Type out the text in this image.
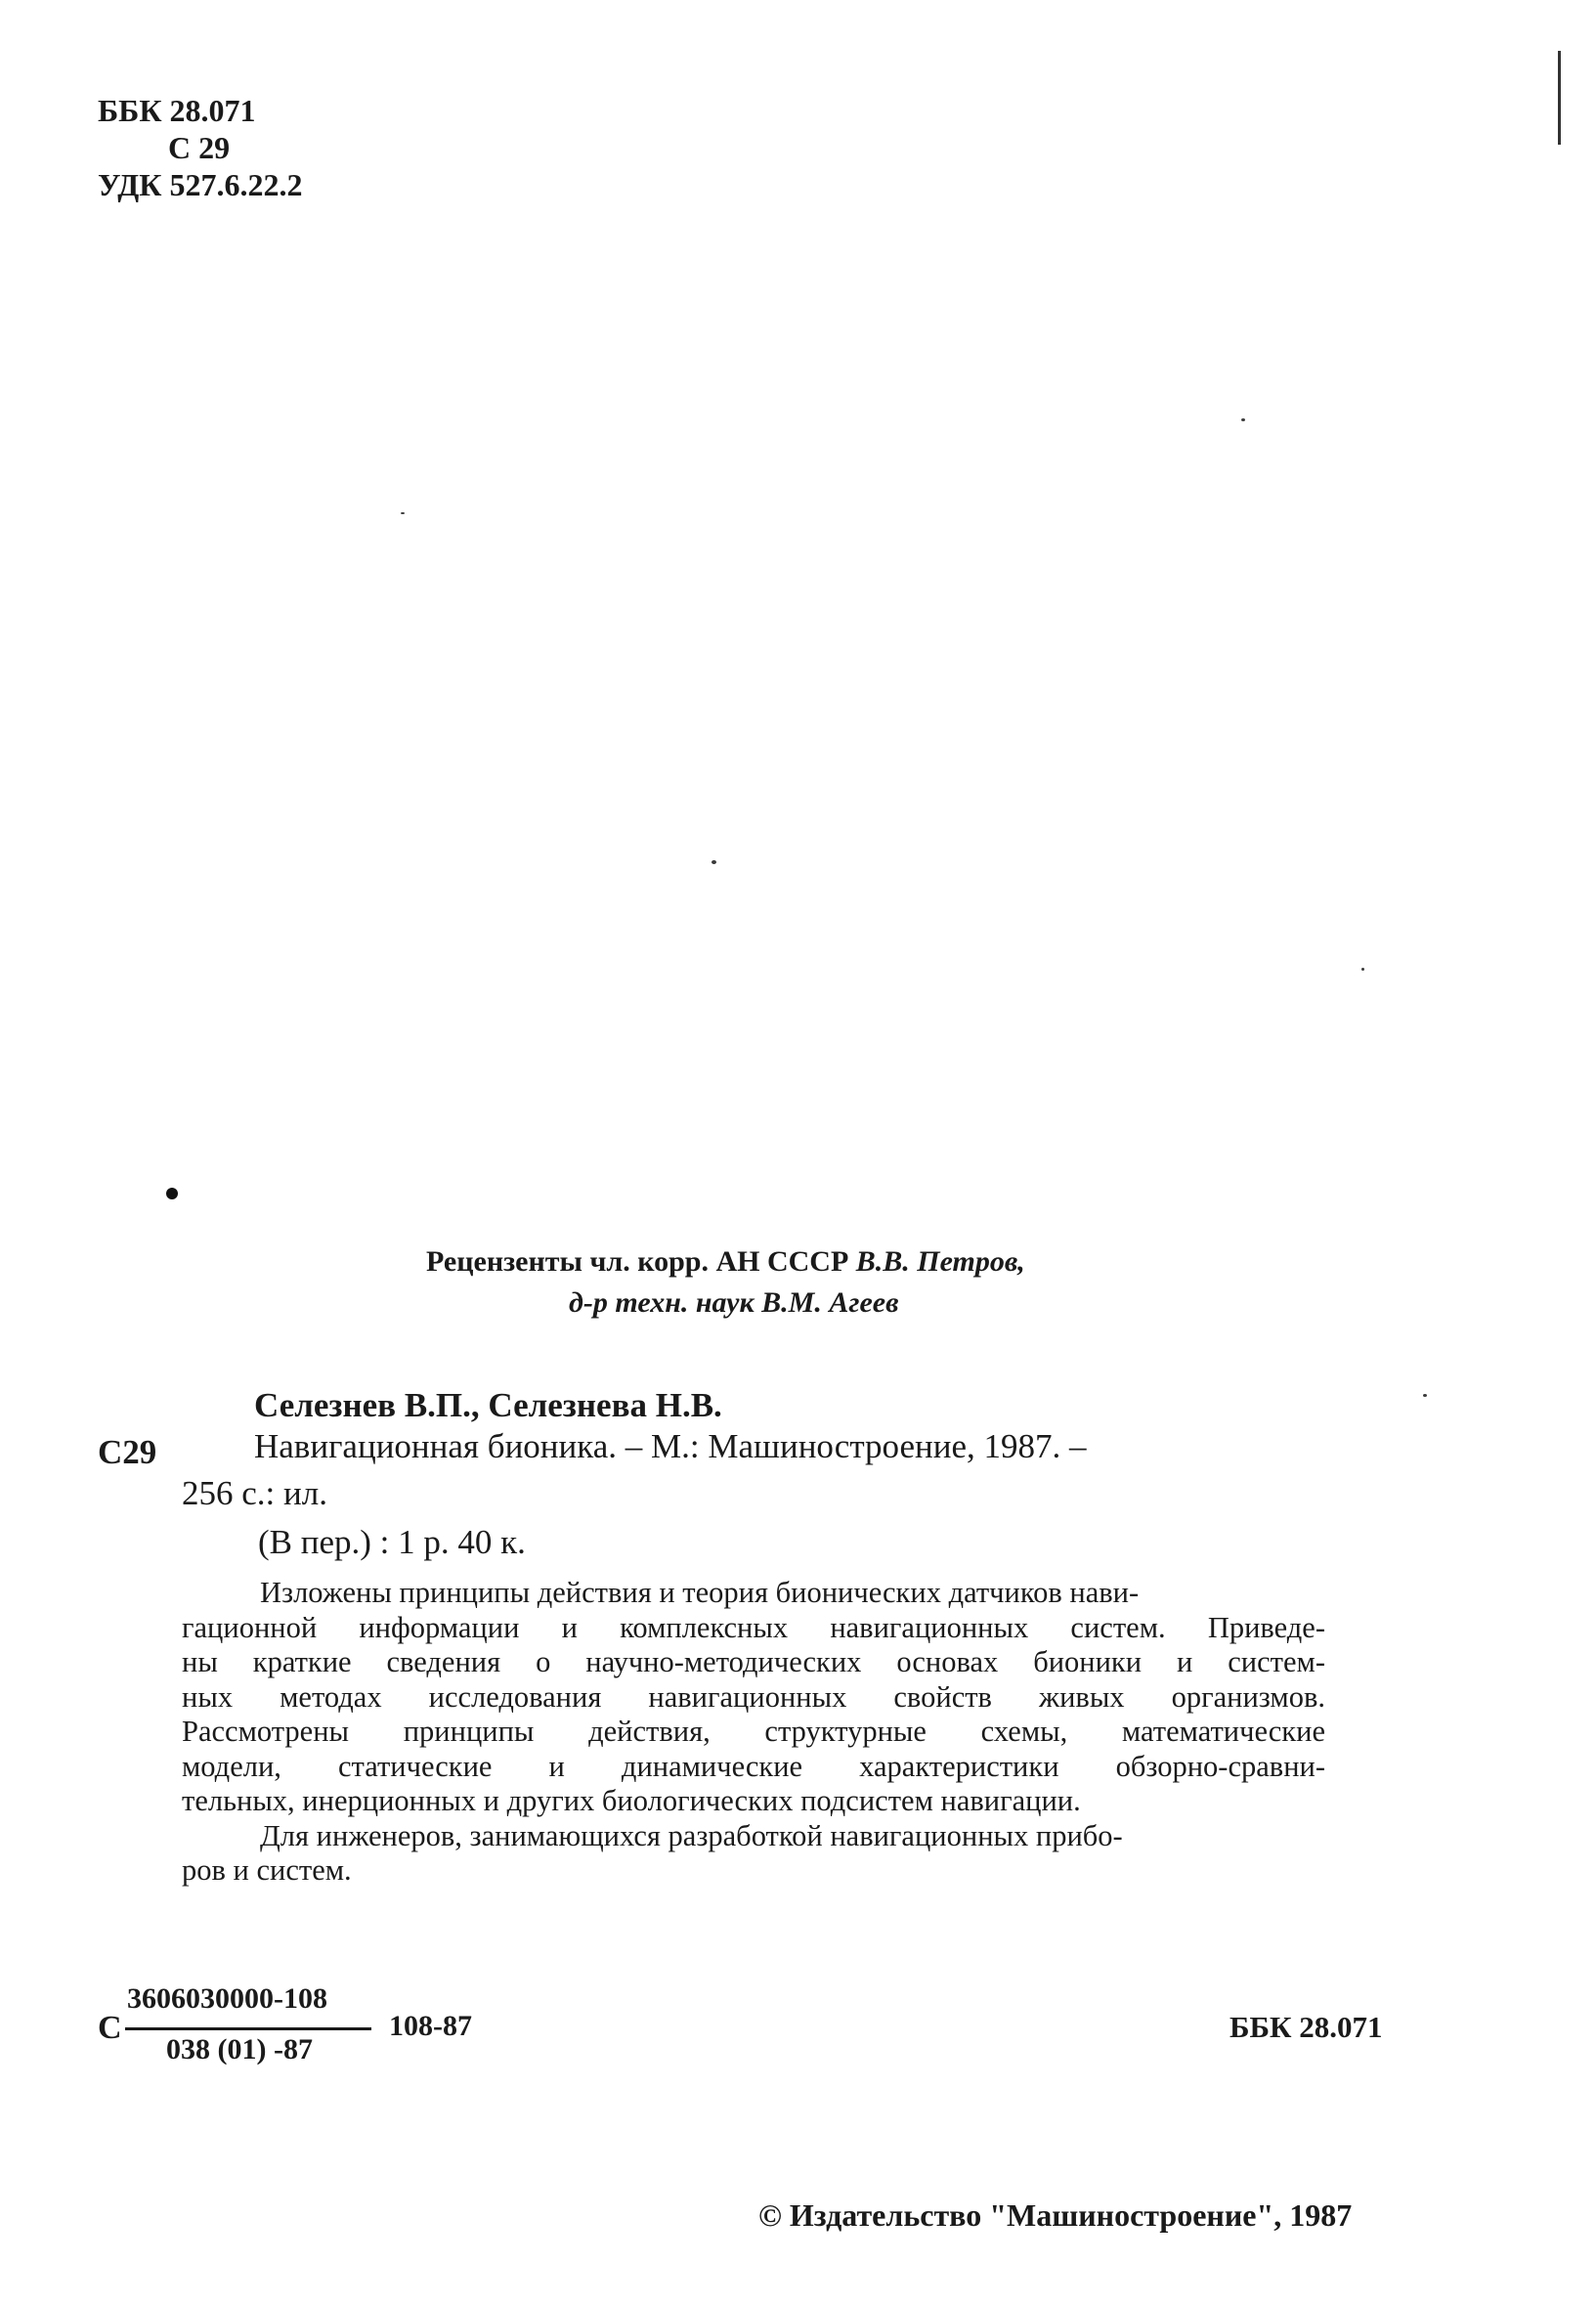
ББК 28.071
С 29
УДК 527.6.22.2
Рецензенты чл. корр. АН СССР В.В. Петров,
д-р техн. наук В.М. Агеев
Селезнев В.П., Селезнева Н.В.
С29	Навигационная бионика. – М.: Машиностроение, 1987. –
256 с.: ил.
(В пер.) : 1 р. 40 к.

Изложены принципы действия и теория бионических датчиков нави-

гационной информации и комплексных навигационных систем. Приведе-

ны краткие сведения о научно-методических основах бионики и систем-

ных методах исследования навигационных свойств живых организмов.

Рассмотрены принципы действия, структурные схемы, математические

модели, статические и динамические характеристики обзорно-сравни-

тельных, инерционных и других биологических подсистем навигации.

Для инженеров, занимающихся разработкой навигационных прибо-

ров и систем.

С
3606030000-108
038 (01) -87
108-87	ББК 28.071
© Издательство "Машиностроение", 1987
